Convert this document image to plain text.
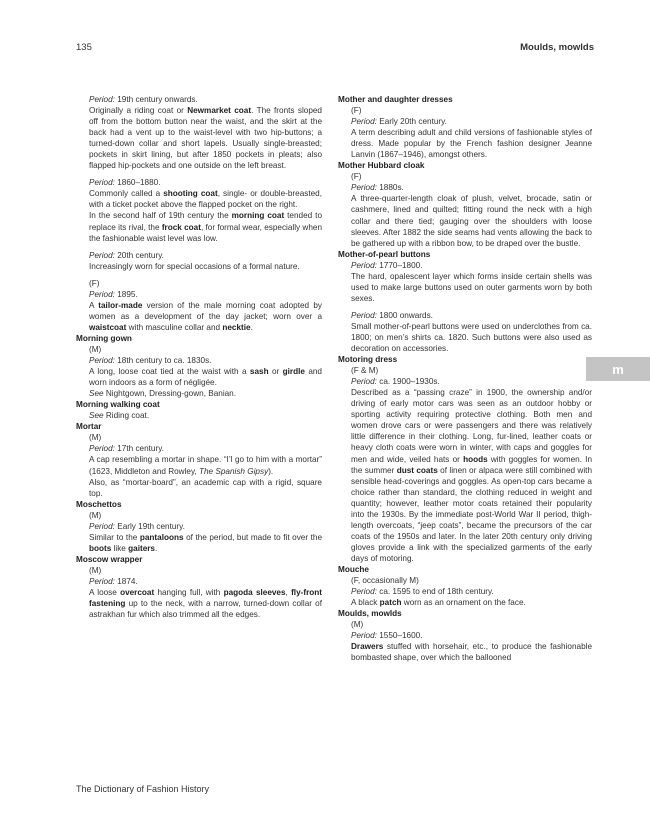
135	Moulds, mowlds
m

Period: 19th century onwards.

Originally a riding coat or Newmarket coat. The fronts sloped off from the bottom button near the waist, and the skirt at the back had a vent up to the waist-level with two hip-buttons; a turned-down collar and short lapels. Usually single-breasted; pockets in skirt lining, but after 1850 pockets in pleats; also flapped hip-pockets and one outside on the left breast.

Period: 1860–1880.

Commonly called a shooting coat, single- or double-breasted, with a ticket pocket above the flapped pocket on the right.

In the second half of 19th century the morning coat tended to replace its rival, the frock coat, for formal wear, especially when the fashionable waist level was low.

Period: 20th century.

Increasingly worn for special occasions of a formal nature.

(F)

Period: 1895.

A tailor-made version of the male morning coat adopted by women as a development of the day jacket; worn over a waistcoat with masculine collar and necktie.

Morning gown

(M)

Period: 18th century to ca. 1830s.

A long, loose coat tied at the waist with a sash or girdle and worn indoors as a form of négligée.

See Nightgown, Dressing-gown, Banian.

Morning walking coat

See Riding coat.

Mortar

(M)

Period: 17th century.

A cap resembling a mortar in shape. “I’l go to him with a mortar” (1623, Middleton and Rowley, The Spanish Gipsy).

Also, as “mortar-board”, an academic cap with a rigid, square top.

Moschettos

(M)

Period: Early 19th century.

Similar to the pantaloons of the period, but made to fit over the boots like gaiters.

Moscow wrapper

(M)

Period: 1874.

A loose overcoat hanging full, with pagoda sleeves, fly-front fastening up to the neck, with a narrow, turned-down collar of astrakhan fur which also trimmed all the edges.

Mother and daughter dresses

(F)

Period: Early 20th century.

A term describing adult and child versions of fashionable styles of dress. Made popular by the French fashion designer Jeanne Lanvin (1867–1946), amongst others.

Mother Hubbard cloak

(F)

Period: 1880s.

A three-quarter-length cloak of plush, velvet, brocade, satin or cashmere, lined and quilted; fitting round the neck with a high collar and there tied; gauging over the shoulders with loose sleeves. After 1882 the side seams had vents allowing the back to be gathered up with a ribbon bow, to be draped over the bustle.

Mother-of-pearl buttons

Period: 1770–1800.

The hard, opalescent layer which forms inside certain shells was used to make large buttons used on outer garments worn by both sexes.

Period: 1800 onwards.

Small mother-of-pearl buttons were used on underclothes from ca. 1800; on men’s shirts ca. 1820. Such buttons were also used as decoration on accessories.

Motoring dress

(F & M)

Period: ca. 1900–1930s.

Described as a “passing craze” in 1900, the ownership and/or driving of early motor cars was seen as an outdoor hobby or sporting activity requiring protective clothing. Both men and women drove cars or were passengers and there was relatively little difference in their clothing. Long, fur-lined, leather coats or heavy cloth coats were worn in winter, with caps and goggles for men and wide, veiled hats or hoods with goggles for women. In the summer dust coats of linen or alpaca were still combined with sensible head-coverings and goggles. As open-top cars became a choice rather than standard, the clothing reduced in weight and quantity; however, leather motor coats retained their popularity into the 1930s. By the immediate post-World War II period, thigh-length overcoats, “jeep coats”, became the precursors of the car coats of the 1950s and later. In the later 20th century only driving gloves provide a link with the specialized garments of the early days of motoring.

Mouche

(F, occasionally M)

Period: ca. 1595 to end of 18th century.

A black patch worn as an ornament on the face.

Moulds, mowlds

(M)

Period: 1550–1600.

Drawers stuffed with horsehair, etc., to produce the fashionable bombasted shape, over which the ballooned

The Dictionary of Fashion History
